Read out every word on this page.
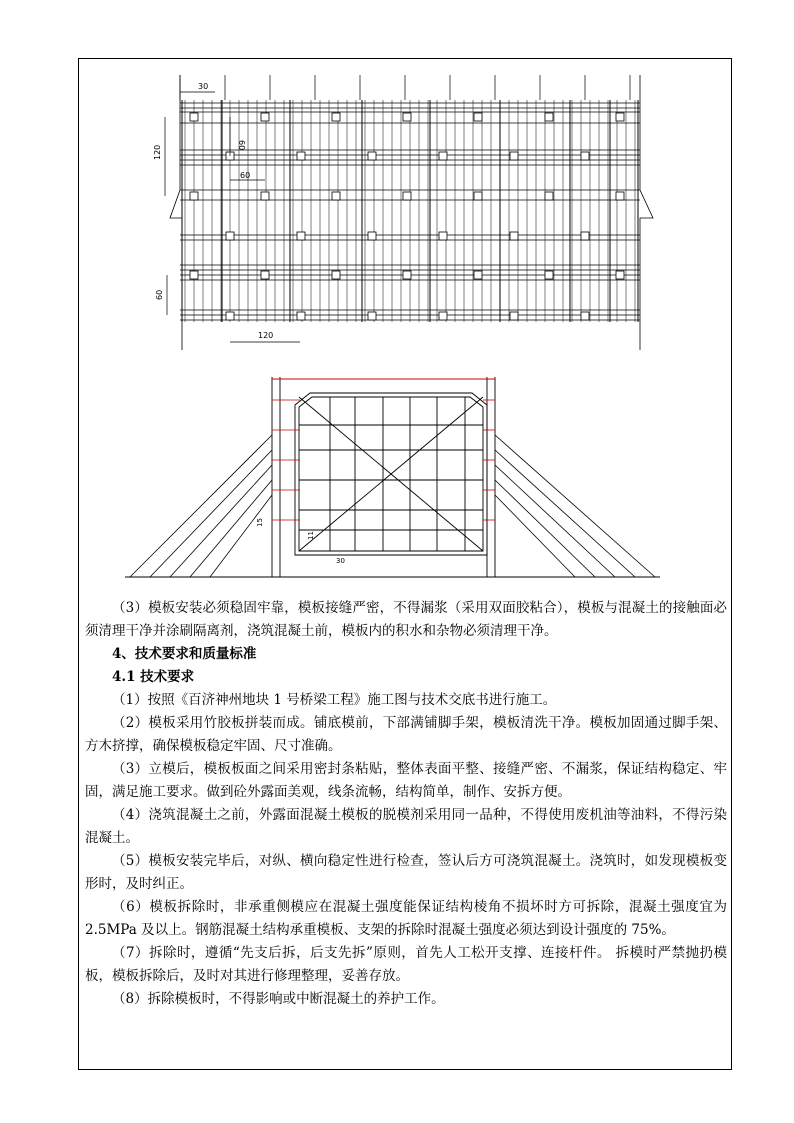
30
120	60
60
60
120
15
11
30

（3）模板安装必须稳固牢靠，模板接缝严密，不得漏浆（采用双面胶粘合），模板与混凝土的接触面必须清理干净并涂刷隔离剂，浇筑混凝土前，模板内的积水和杂物必须清理干净。

4、技术要求和质量标准

4.1 技术要求

（1）按照《百济神州地块 1 号桥梁工程》施工图与技术交底书进行施工。

（2）模板采用竹胶板拼装而成。铺底模前，下部满铺脚手架，模板清洗干净。模板加固通过脚手架、方木挤撑，确保模板稳定牢固、尺寸准确。

（3）立模后，模板板面之间采用密封条粘贴，整体表面平整、接缝严密、不漏浆，保证结构稳定、牢固，满足施工要求。做到砼外露面美观，线条流畅，结构简单，制作、安拆方便。

（4）浇筑混凝土之前，外露面混凝土模板的脱模剂采用同一品种，不得使用废机油等油料，不得污染混凝土。

（5）模板安装完毕后，对纵、横向稳定性进行检查，签认后方可浇筑混凝土。浇筑时，如发现模板变形时，及时纠正。

（6）模板拆除时，非承重侧模应在混凝土强度能保证结构棱角不损坏时方可拆除，混凝土强度宜为 2.5MPa 及以上。钢筋混凝土结构承重模板、支架的拆除时混凝土强度必须达到设计强度的 75%。

（7）拆除时，遵循“先支后拆，后支先拆”原则，首先人工松开支撑、连接杆件。 拆模时严禁抛扔模板，模板拆除后，及时对其进行修理整理，妥善存放。

（8）拆除模板时，不得影响或中断混凝土的养护工作。
